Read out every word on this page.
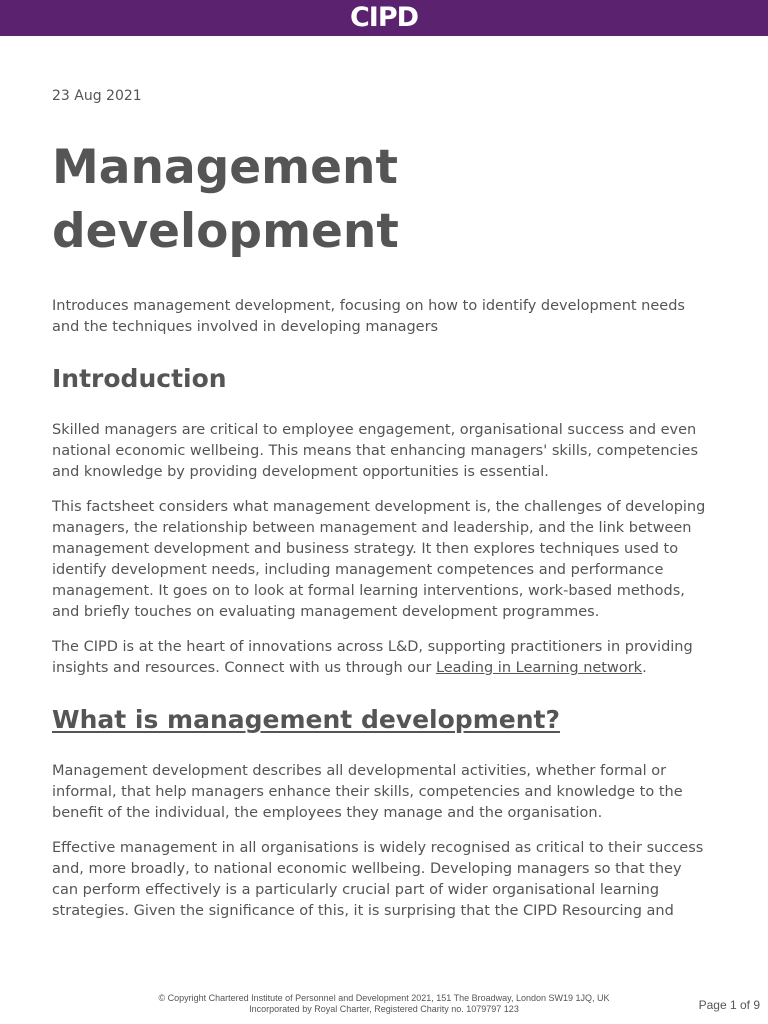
CIPD

23 Aug 2021

Management development

Introduces management development, focusing on how to identify development needs and the techniques involved in developing managers

Introduction

Skilled managers are critical to employee engagement, organisational success and even national economic wellbeing. This means that enhancing managers' skills, competencies and knowledge by providing development opportunities is essential.

This factsheet considers what management development is, the challenges of developing managers, the relationship between management and leadership, and the link between management development and business strategy. It then explores techniques used to identify development needs, including management competences and performance management. It goes on to look at formal learning interventions, work-based methods, and briefly touches on evaluating management development programmes.

The CIPD is at the heart of innovations across L&D, supporting practitioners in providing insights and resources. Connect with us through our Leading in Learning network.

What is management development?

Management development describes all developmental activities, whether formal or informal, that help managers enhance their skills, competencies and knowledge to the benefit of the individual, the employees they manage and the organisation.

Effective management in all organisations is widely recognised as critical to their success and, more broadly, to national economic wellbeing. Developing managers so that they can perform effectively is a particularly crucial part of wider organisational learning strategies. Given the significance of this, it is surprising that the CIPD Resourcing and

© Copyright Chartered Institute of Personnel and Development 2021, 151 The Broadway, London SW19 1JQ, UK
Incorporated by Royal Charter, Registered Charity no. 1079797 123	Page 1 of 9
